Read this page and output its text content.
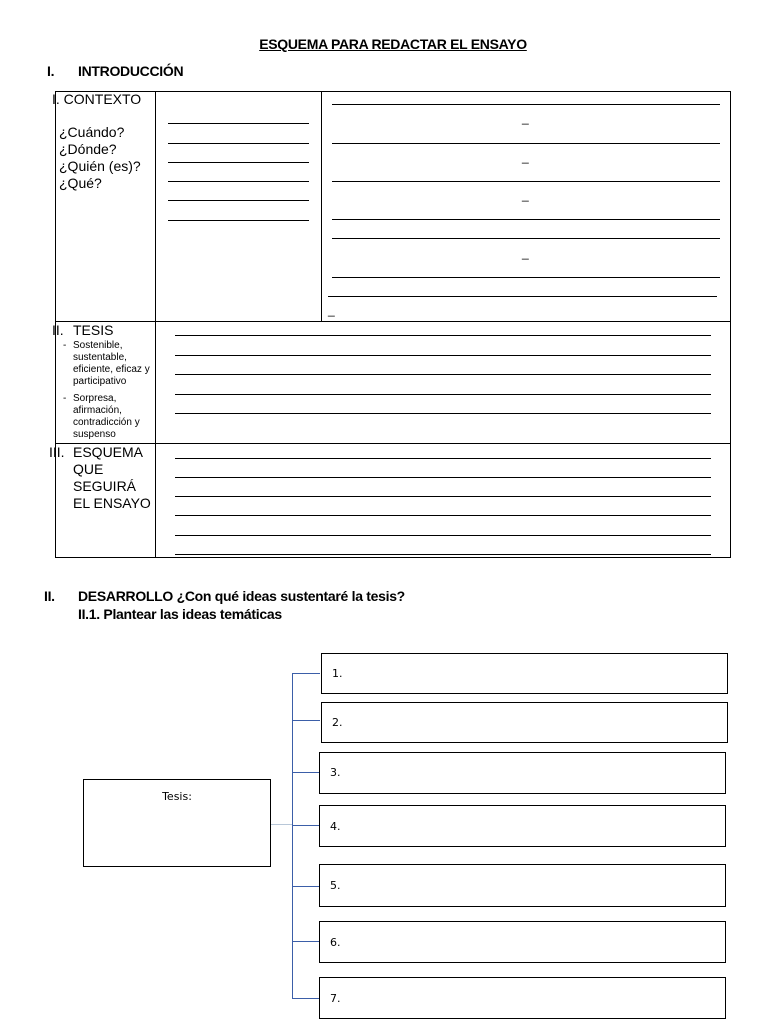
ESQUEMA PARA REDACTAR EL ENSAYO
I. INTRODUCCIÓN
I. CONTEXTO
¿Cuándo?
¿Dónde?
¿Quién (es)?
¿Qué?
_
_
_
_
_
II. TESIS
- Sostenible,
sustentable,
eficiente, eficaz y
participativo
- Sorpresa,
afirmación,
contradicción y
suspenso
III. ESQUEMA
QUE
SEGUIRÁ
EL ENSAYO
II. DESARROLLO ¿Con qué ideas sustentaré la tesis?
II.1. Plantear las ideas temáticas
Tesis:
1.
2.
3.
4.
5.
6.
7.
